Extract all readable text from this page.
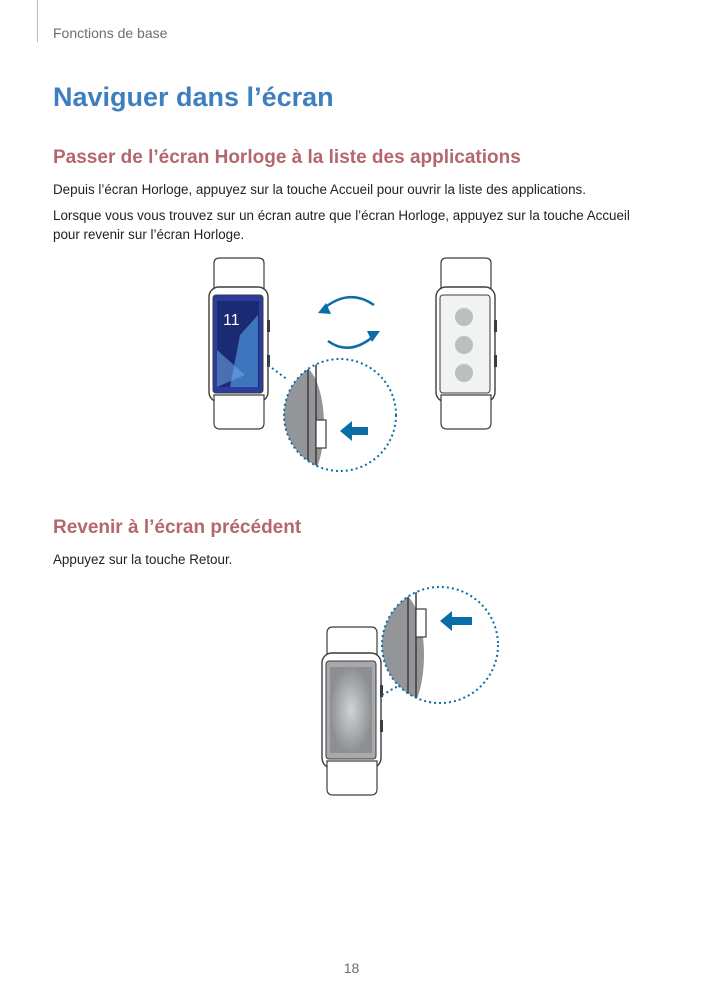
Fonctions de base
Naviguer dans l’écran
Passer de l’écran Horloge à la liste des applications

Depuis l’écran Horloge, appuyez sur la touche Accueil pour ouvrir la liste des applications.

Lorsque vous vous trouvez sur un écran autre que l’écran Horloge, appuyez sur la touche Accueil pour revenir sur l’écran Horloge.

11
Revenir à l’écran précédent

Appuyez sur la touche Retour.

18
